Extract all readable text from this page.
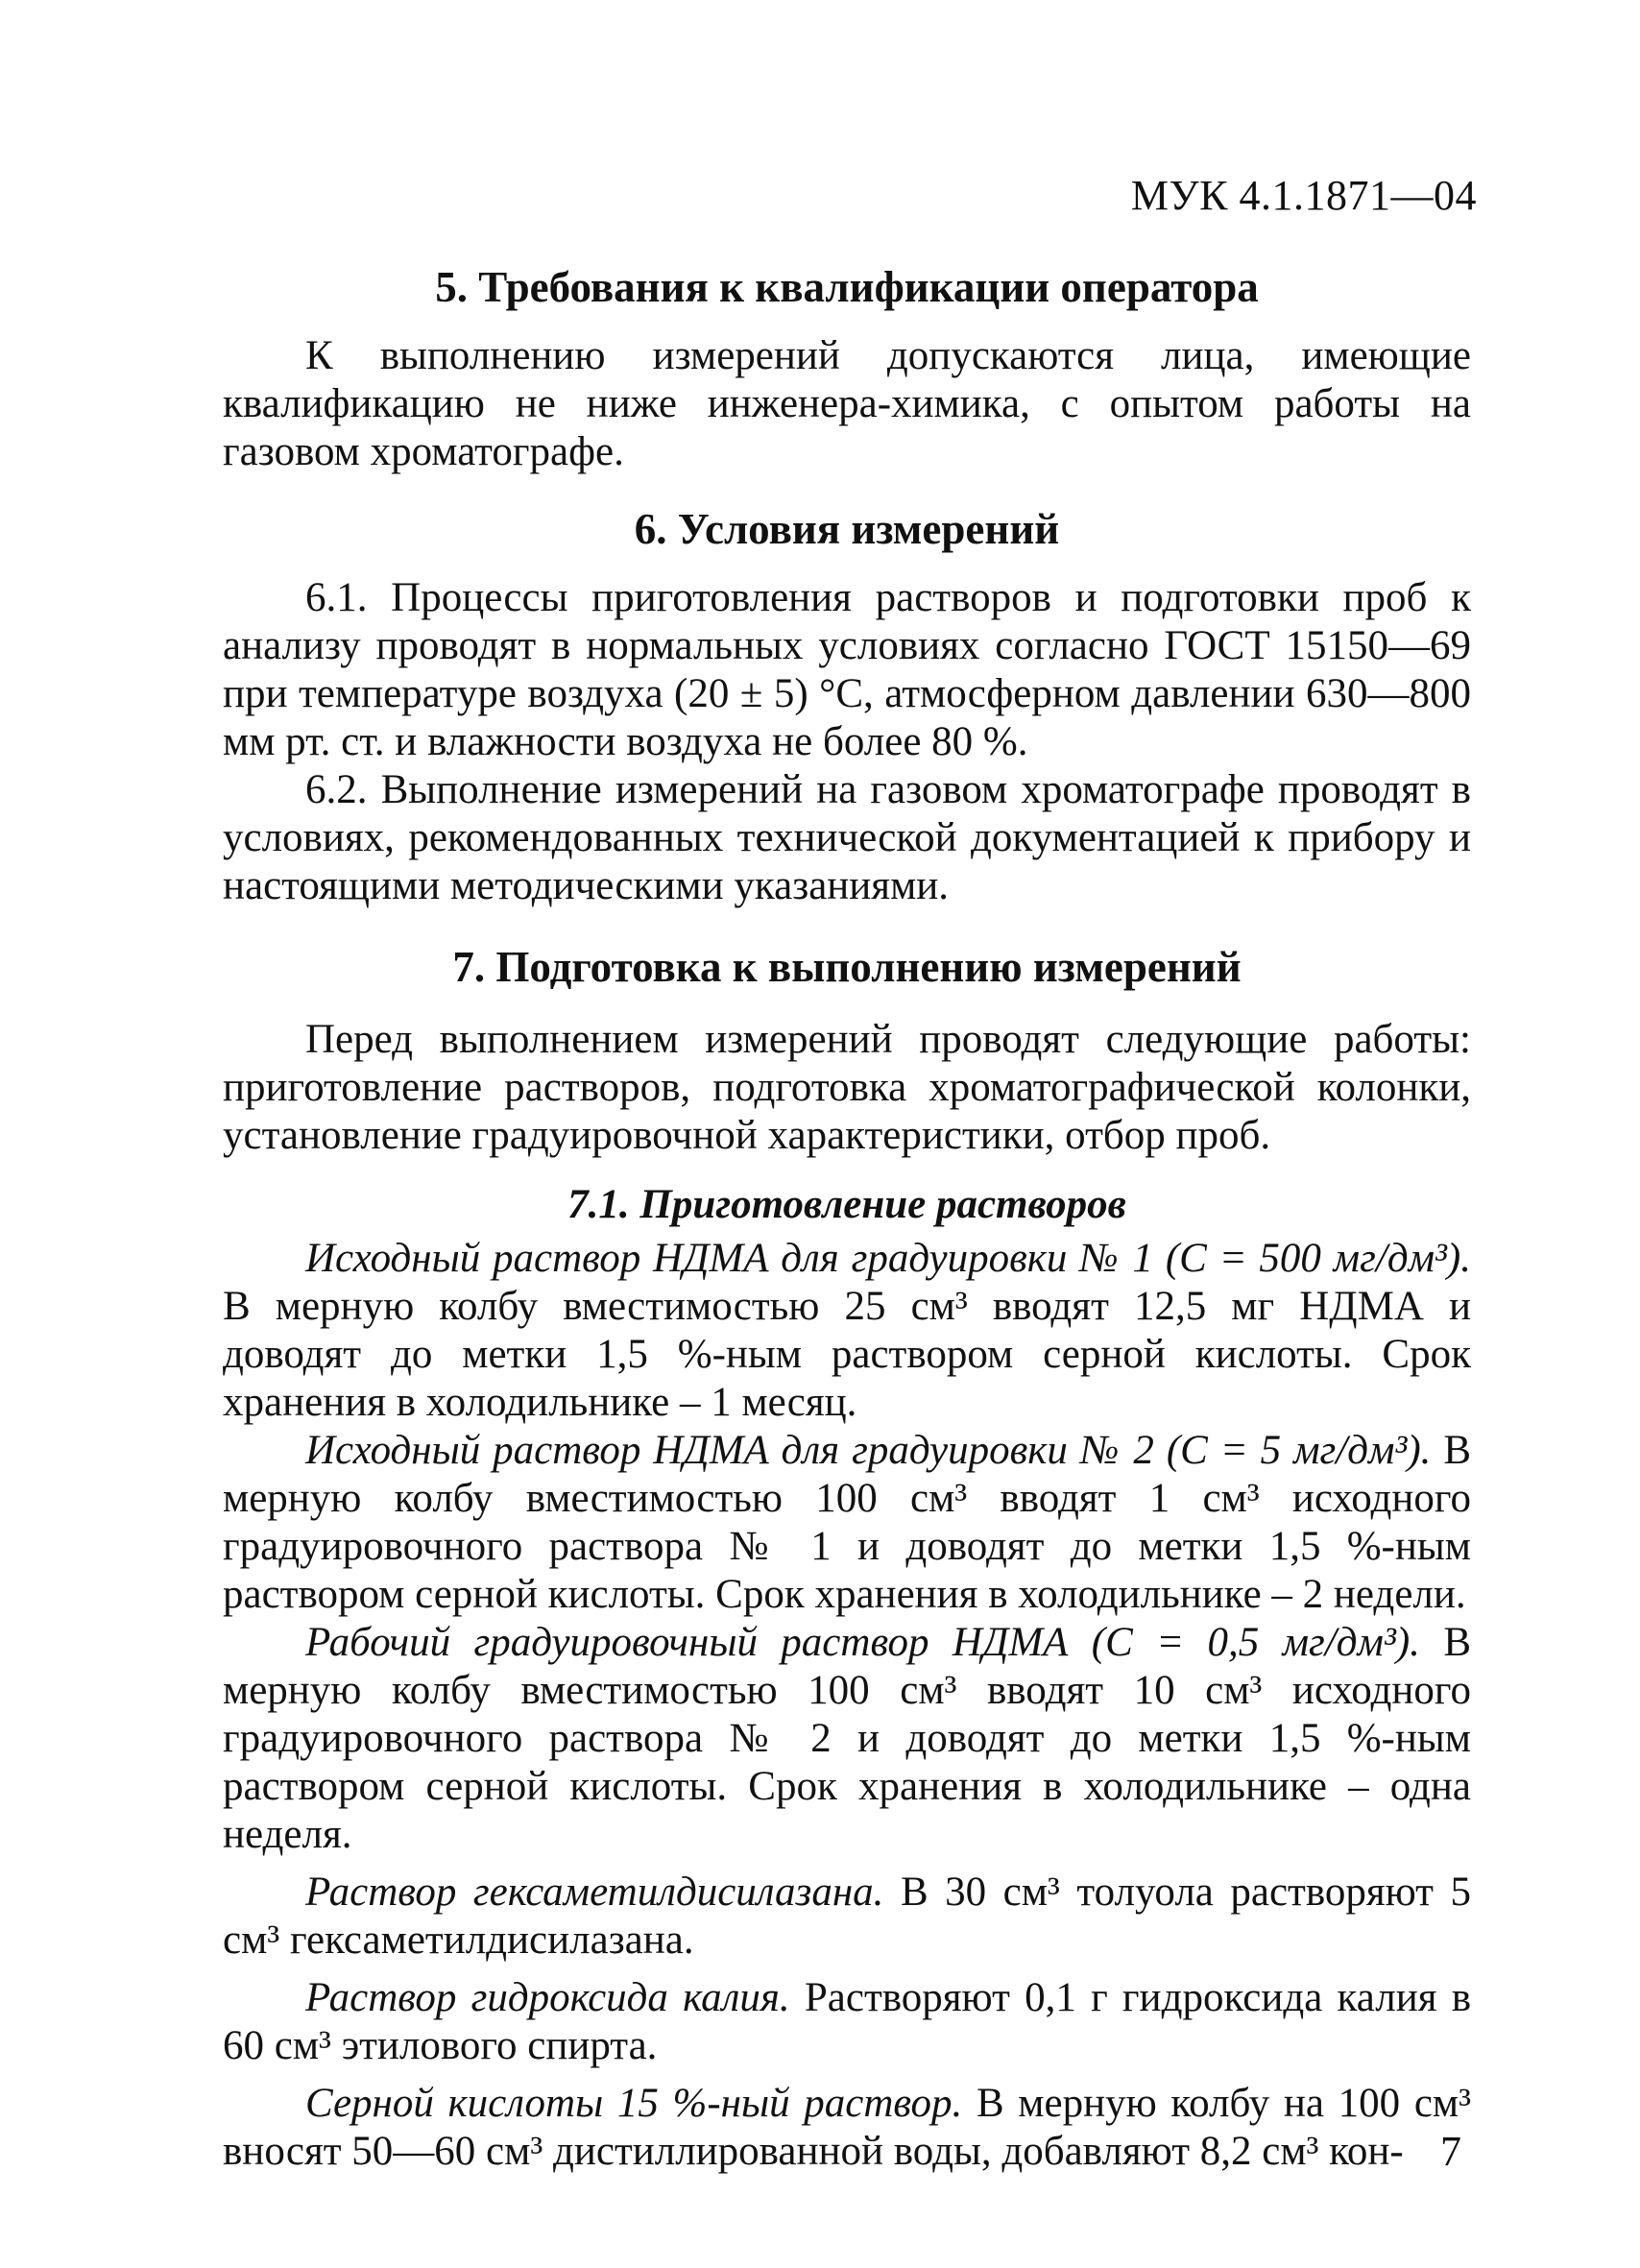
МУК 4.1.1871—04
5. Требования к квалификации оператора

К выполнению измерений допускаются лица, имеющие квалификацию не ниже инженера-химика, с опытом работы на газовом хроматографе.

6. Условия измерений

6.1. Процессы приготовления растворов и подготовки проб к анализу проводят в нормальных условиях согласно ГОСТ 15150—69 при температуре воздуха (20 ± 5) °С, атмосферном давлении 630—800 мм рт. ст. и влажности воздуха не более 80 %.

6.2. Выполнение измерений на газовом хроматографе проводят в условиях, рекомендованных технической документацией к прибору и настоящими методическими указаниями.

7. Подготовка к выполнению измерений

Перед выполнением измерений проводят следующие работы: приготовление растворов, подготовка хроматографической колонки, установление градуировочной характеристики, отбор проб.

7.1. Приготовление растворов

Исходный раствор НДМА для градуировки № 1 (С = 500 мг/дм³). В мерную колбу вместимостью 25 см³ вводят 12,5 мг НДМА и доводят до метки 1,5 %-ным раствором серной кислоты. Срок хранения в холодильнике – 1 месяц.

Исходный раствор НДМА для градуировки № 2 (С = 5 мг/дм³). В мерную колбу вместимостью 100 см³ вводят 1 см³ исходного градуировочного раствора № 1 и доводят до метки 1,5 %-ным раствором серной кислоты. Срок хранения в холодильнике – 2 недели.

Рабочий градуировочный раствор НДМА (С = 0,5 мг/дм³). В мерную колбу вместимостью 100 см³ вводят 10 см³ исходного градуировочного раствора № 2 и доводят до метки 1,5 %-ным раствором серной кислоты. Срок хранения в холодильнике – одна неделя.

Раствор гексаметилдисилазана. В 30 см³ толуола растворяют 5 см³ гексаметилдисилазана.

Раствор гидроксида калия. Растворяют 0,1 г гидроксида калия в 60 см³ этилового спирта.

Серной кислоты 15 %-ный раствор. В мерную колбу на 100 см³ вносят 50—60 см³ дистиллированной воды, добавляют 8,2 см³ кон- 7
